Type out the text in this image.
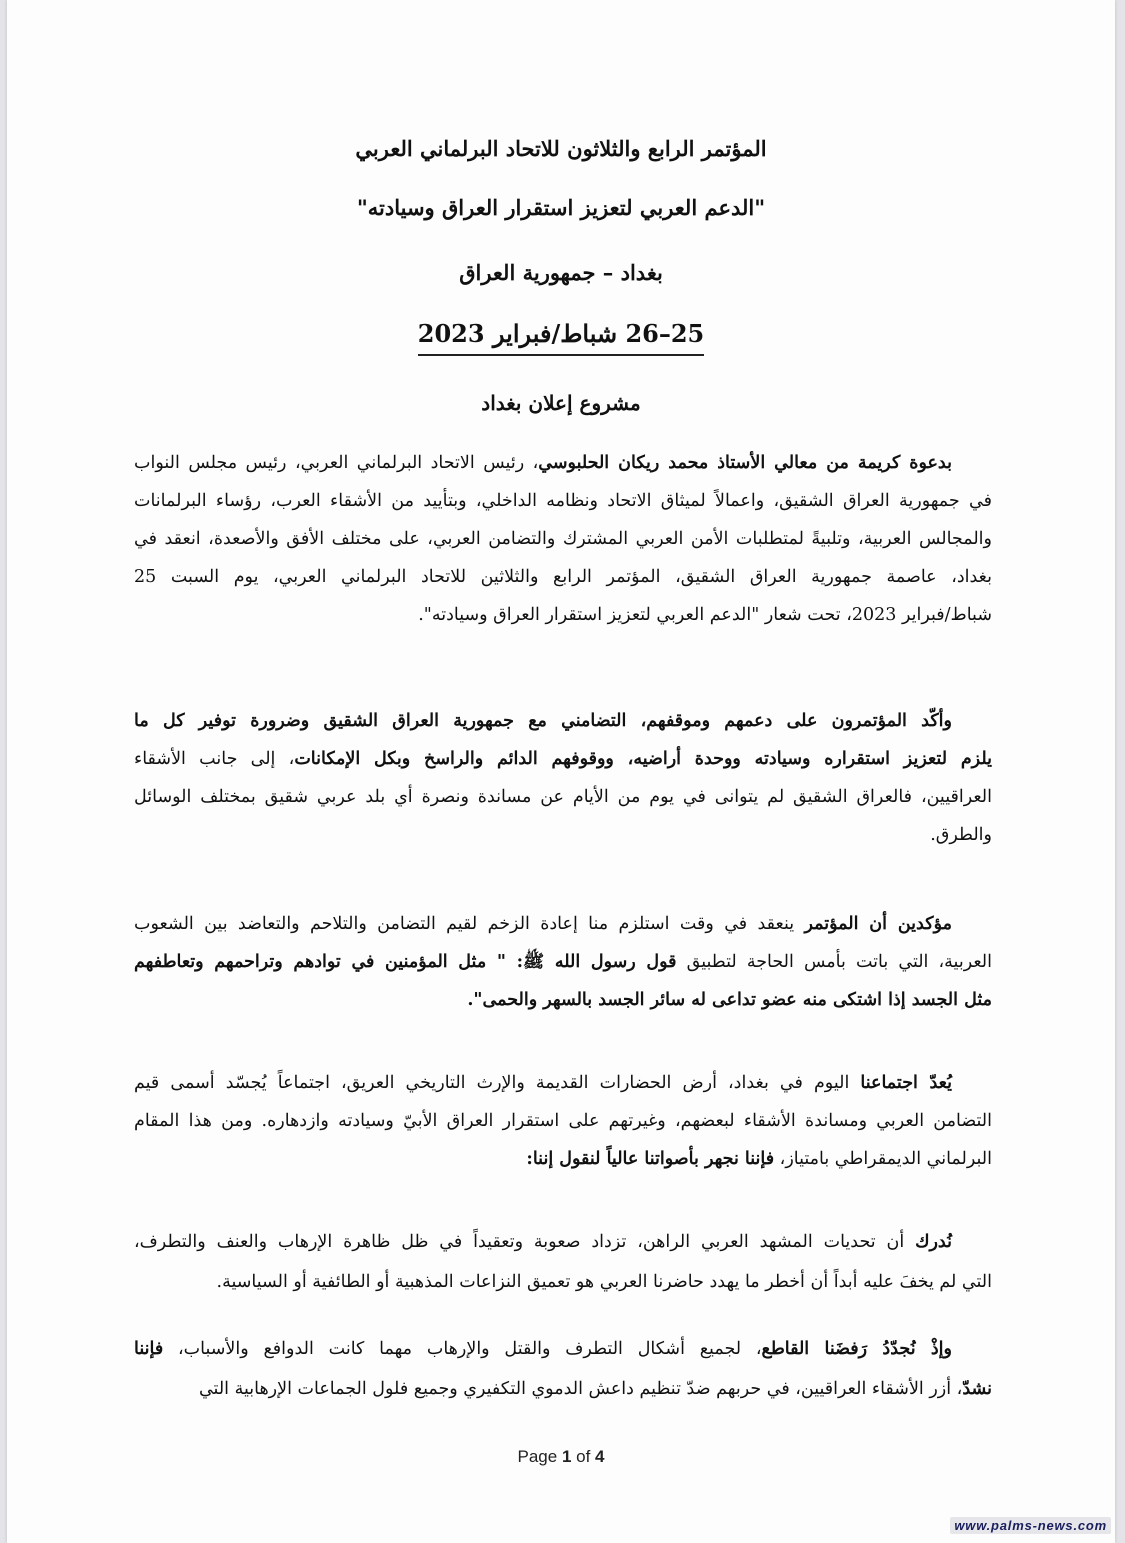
المؤتمر الرابع والثلاثون للاتحاد البرلماني العربي
"الدعم العربي لتعزيز استقرار العراق وسيادته"
بغداد – جمهورية العراق
25–26 شباط/فبراير 2023
مشروع إعلان بغداد
بدعوة كريمة من معالي الأستاذ محمد ريكان الحلبوسي، رئيس الاتحاد البرلماني العربي، رئيس مجلس النواب
في جمهورية العراق الشقيق، واعمالاً لميثاق الاتحاد ونظامه الداخلي، وبتأييد من الأشقاء العرب، رؤساء البرلمانات
والمجالس العربية، وتلبيةً لمتطلبات الأمن العربي المشترك والتضامن العربي، على مختلف الأفق والأصعدة، انعقد في
بغداد، عاصمة جمهورية العراق الشقيق، المؤتمر الرابع والثلاثين للاتحاد البرلماني العربي، يوم السبت 25
شباط/فبراير 2023، تحت شعار "الدعم العربي لتعزيز استقرار العراق وسيادته".
وأكّد المؤتمرون على دعمهم وموقفهم، التضامني مع جمهورية العراق الشقيق وضرورة توفير كل ما
يلزم لتعزيز استقراره وسيادته ووحدة أراضيه، ووقوفهم الدائم والراسخ وبكل الإمكانات، إلى جانب الأشقاء
العراقيين، فالعراق الشقيق لم يتوانى في يوم من الأيام عن مساندة ونصرة أي بلد عربي شقيق بمختلف الوسائل
والطرق.
مؤكدين أن المؤتمر ينعقد في وقت استلزم منا إعادة الزخم لقيم التضامن والتلاحم والتعاضد بين الشعوب
العربية، التي باتت بأمس الحاجة لتطبيق قول رسول الله ﷺ: " مثل المؤمنين في توادهم وتراحمهم وتعاطفهم
مثل الجسد إذا اشتكى منه عضو تداعى له سائر الجسد بالسهر والحمى".
يُعدّ اجتماعنا اليوم في بغداد، أرض الحضارات القديمة والإرث التاريخي العريق، اجتماعاً يُجسّد أسمى قيم
التضامن العربي ومساندة الأشقاء لبعضهم، وغيرتهم على استقرار العراق الأبيّ وسيادته وازدهاره. ومن هذا المقام
البرلماني الديمقراطي بامتياز، فإننا نجهر بأصواتنا عالياً لنقول إننا:
نُدرك أن تحديات المشهد العربي الراهن، تزداد صعوبة وتعقيداً في ظل ظاهرة الإرهاب والعنف والتطرف،
التي لم يخفَ عليه أبداً أن أخطر ما يهدد حاضرنا العربي هو تعميق النزاعات المذهبية أو الطائفية أو السياسية.
وإذْ نُجدّدُ رَفضَنا القاطع، لجميع أشكال التطرف والقتل والإرهاب مهما كانت الدوافع والأسباب، فإننا
نشدّ، أزر الأشقاء العراقيين، في حربهم ضدّ تنظيم داعش الدموي التكفيري وجميع فلول الجماعات الإرهابية التي
Page 1 of 4
www.palms-news.com
